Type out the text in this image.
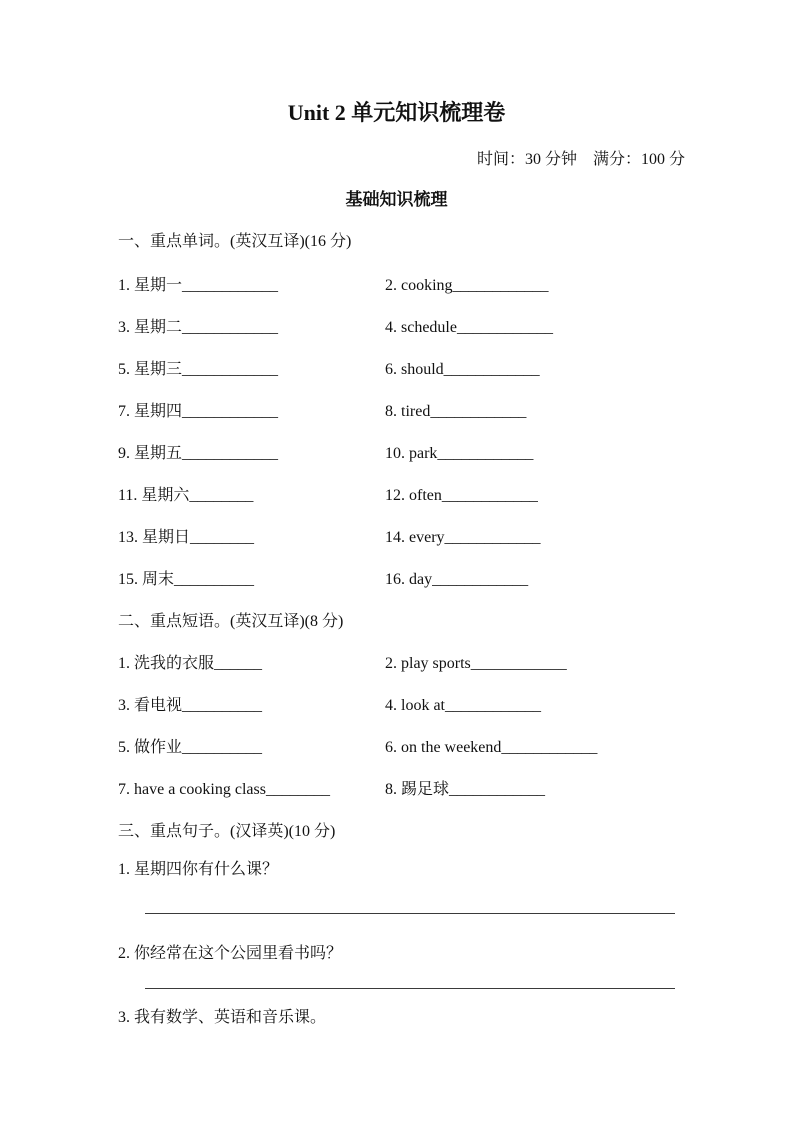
Unit 2 单元知识梳理卷
时间：30 分钟　满分：100 分
基础知识梳理
一、重点单词。(英汉互译)(16 分)
1. 星期一____________	2. cooking____________
3. 星期二____________	4. schedule____________
5. 星期三____________	6. should____________
7. 星期四____________	8. tired____________
9. 星期五____________	10. park____________
11. 星期六________	12. often____________
13. 星期日________	14. every____________
15. 周末__________	16. day____________
二、重点短语。(英汉互译)(8 分)
1. 洗我的衣服______	2. play sports____________
3. 看电视__________	4. look at____________
5. 做作业__________	6. on the weekend____________
7. have a cooking class________	8. 踢足球____________
三、重点句子。(汉译英)(10 分)
1. 星期四你有什么课？
2. 你经常在这个公园里看书吗？
3. 我有数学、英语和音乐课。
